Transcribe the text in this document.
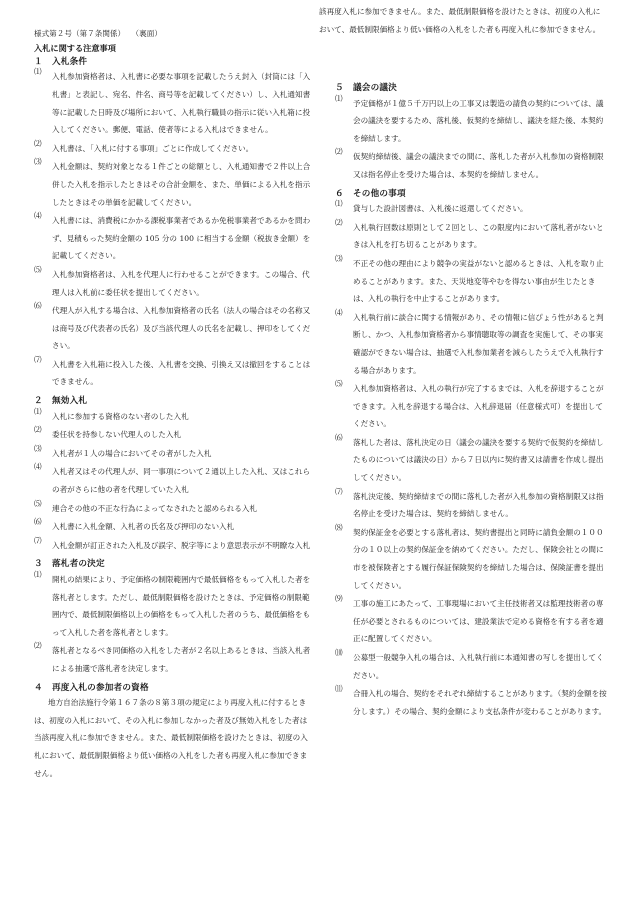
様式第２号（第７条関係） （裏面）
入札に関する注意事項
１ 入札条件
⑴
入札参加資格者は、入札書に必要な事項を記載したうえ封入（封筒には「入札書」と表記し、宛名、件名、商号等を記載してください）し、入札通知書等に記載した日時及び場所において、入札執行職員の指示に従い入札箱に投入してください。郵便、電話、使者等による入札はできません。
⑵
入札書は、「入札に付する事項」ごとに作成してください。
⑶
入札金額は、契約対象となる１件ごとの総額とし、入札通知書で２件以上合併した入札を指示したときはその合計金額を、また、単価による入札を指示したときはその単価を記載してください。
⑷
入札書には、消費税にかかる課税事業者であるか免税事業者であるかを問わず、見積もった契約金額の 105 分の 100 に相当する金額（税抜き金額）を記載してください。
⑸
入札参加資格者は、入札を代理人に行わせることができます。この場合、代理人は入札前に委任状を提出してください。
⑹
代理人が入札する場合は、入札参加資格者の氏名（法人の場合はその名称又は商号及び代表者の氏名）及び当該代理人の氏名を記載し、押印をしてください。
⑺
入札書を入札箱に投入した後、入札書を交換、引換え又は撤回をすることはできません。
２ 無効入札
⑴
入札に参加する資格のない者のした入札
⑵
委任状を持参しない代理人のした入札
⑶
入札者が１人の場合においてその者がした入札
⑷
入札者又はその代理人が、同一事項について２通以上した入札、又はこれらの者がさらに他の者を代理していた入札
⑸
連合その他の不正な行為によってなされたと認められる入札
⑹
入札書に入札金額、入札者の氏名及び押印のない入札
⑺
入札金額が訂正された入札及び誤字、脱字等により意思表示が不明瞭な入札
３ 落札者の決定
⑴
開札の結果により、予定価格の制限範囲内で最低価格をもって入札した者を落札者とします。ただし、最低制限価格を設けたときは、予定価格の制限範囲内で、最低制限価格以上の価格をもって入札した者のうち、最低価格をもって入札した者を落札者とします。
⑵
落札者となるべき同価格の入札をした者が２名以上あるときは、当該入札者による抽選で落札者を決定します。
４ 再度入札の参加者の資格
地方自治法施行令第１６７条の８第３項の規定により再度入札に付するときは、初度の入札において、その入札に参加しなかった者及び無効入札をした者は当該再度入札に参加できません。また、最低制限価格を設けたときは、初度の入札において、最低制限価格より低い価格の入札をした者も再度入札に参加できません。
該再度入札に参加できません。また、最低制限価格を設けたときは、初度の入札において、最低制限価格より低い価格の入札をした者も再度入札に参加できません。
５ 議会の議決
⑴
予定価格が１億５千万円以上の工事又は製造の請負の契約については、議会の議決を要するため、落札後、仮契約を締結し、議決を経た後、本契約を締結します。
⑵
仮契約締結後、議会の議決までの間に、落札した者が入札参加の資格制限又は指名停止を受けた場合は、本契約を締結しません。
６ その他の事項
⑴
貸与した設計図書は、入札後に返還してください。
⑵
入札執行回数は原則として２回とし、この限度内において落札者がないときは入札を打ち切ることがあります。
⑶
不正その他の理由により競争の実益がないと認めるときは、入札を取り止めることがあります。また、天災地変等やむを得ない事由が生じたときは、入札の執行を中止することがあります。
⑷
入札執行前に談合に関する情報があり、その情報に信ぴょう性があると判断し、かつ、入札参加資格者から事情聴取等の調査を実施して、その事実確認ができない場合は、抽選で入札参加業者を減らしたうえで入札執行する場合があります。
⑸
入札参加資格者は、入札の執行が完了するまでは、入札を辞退することができます。入札を辞退する場合は、入札辞退届（任意様式可）を提出してください。
⑹
落札した者は、落札決定の日（議会の議決を要する契約で仮契約を締結したものについては議決の日）から７日以内に契約書又は請書を作成し提出してください。
⑺
落札決定後、契約締結までの間に落札した者が入札参加の資格制限又は指名停止を受けた場合は、契約を締結しません。
⑻
契約保証金を必要とする落札者は、契約書提出と同時に請負金額の１００分の１０以上の契約保証金を納めてください。ただし、保険会社との間に市を被保険者とする履行保証保険契約を締結した場合は、保険証書を提出してください。
⑼
工事の施工にあたって、工事現場において主任技術者又は監理技術者の専任が必要とされるものについては、建設業法で定める資格を有する者を適正に配置してください。
⑽
公募型一般競争入札の場合は、入札執行前に本通知書の写しを提出してください。
⑾
合冊入札の場合、契約をそれぞれ締結することがあります。（契約金額を按分します。）その場合、契約金額により支払条件が変わることがあります。
